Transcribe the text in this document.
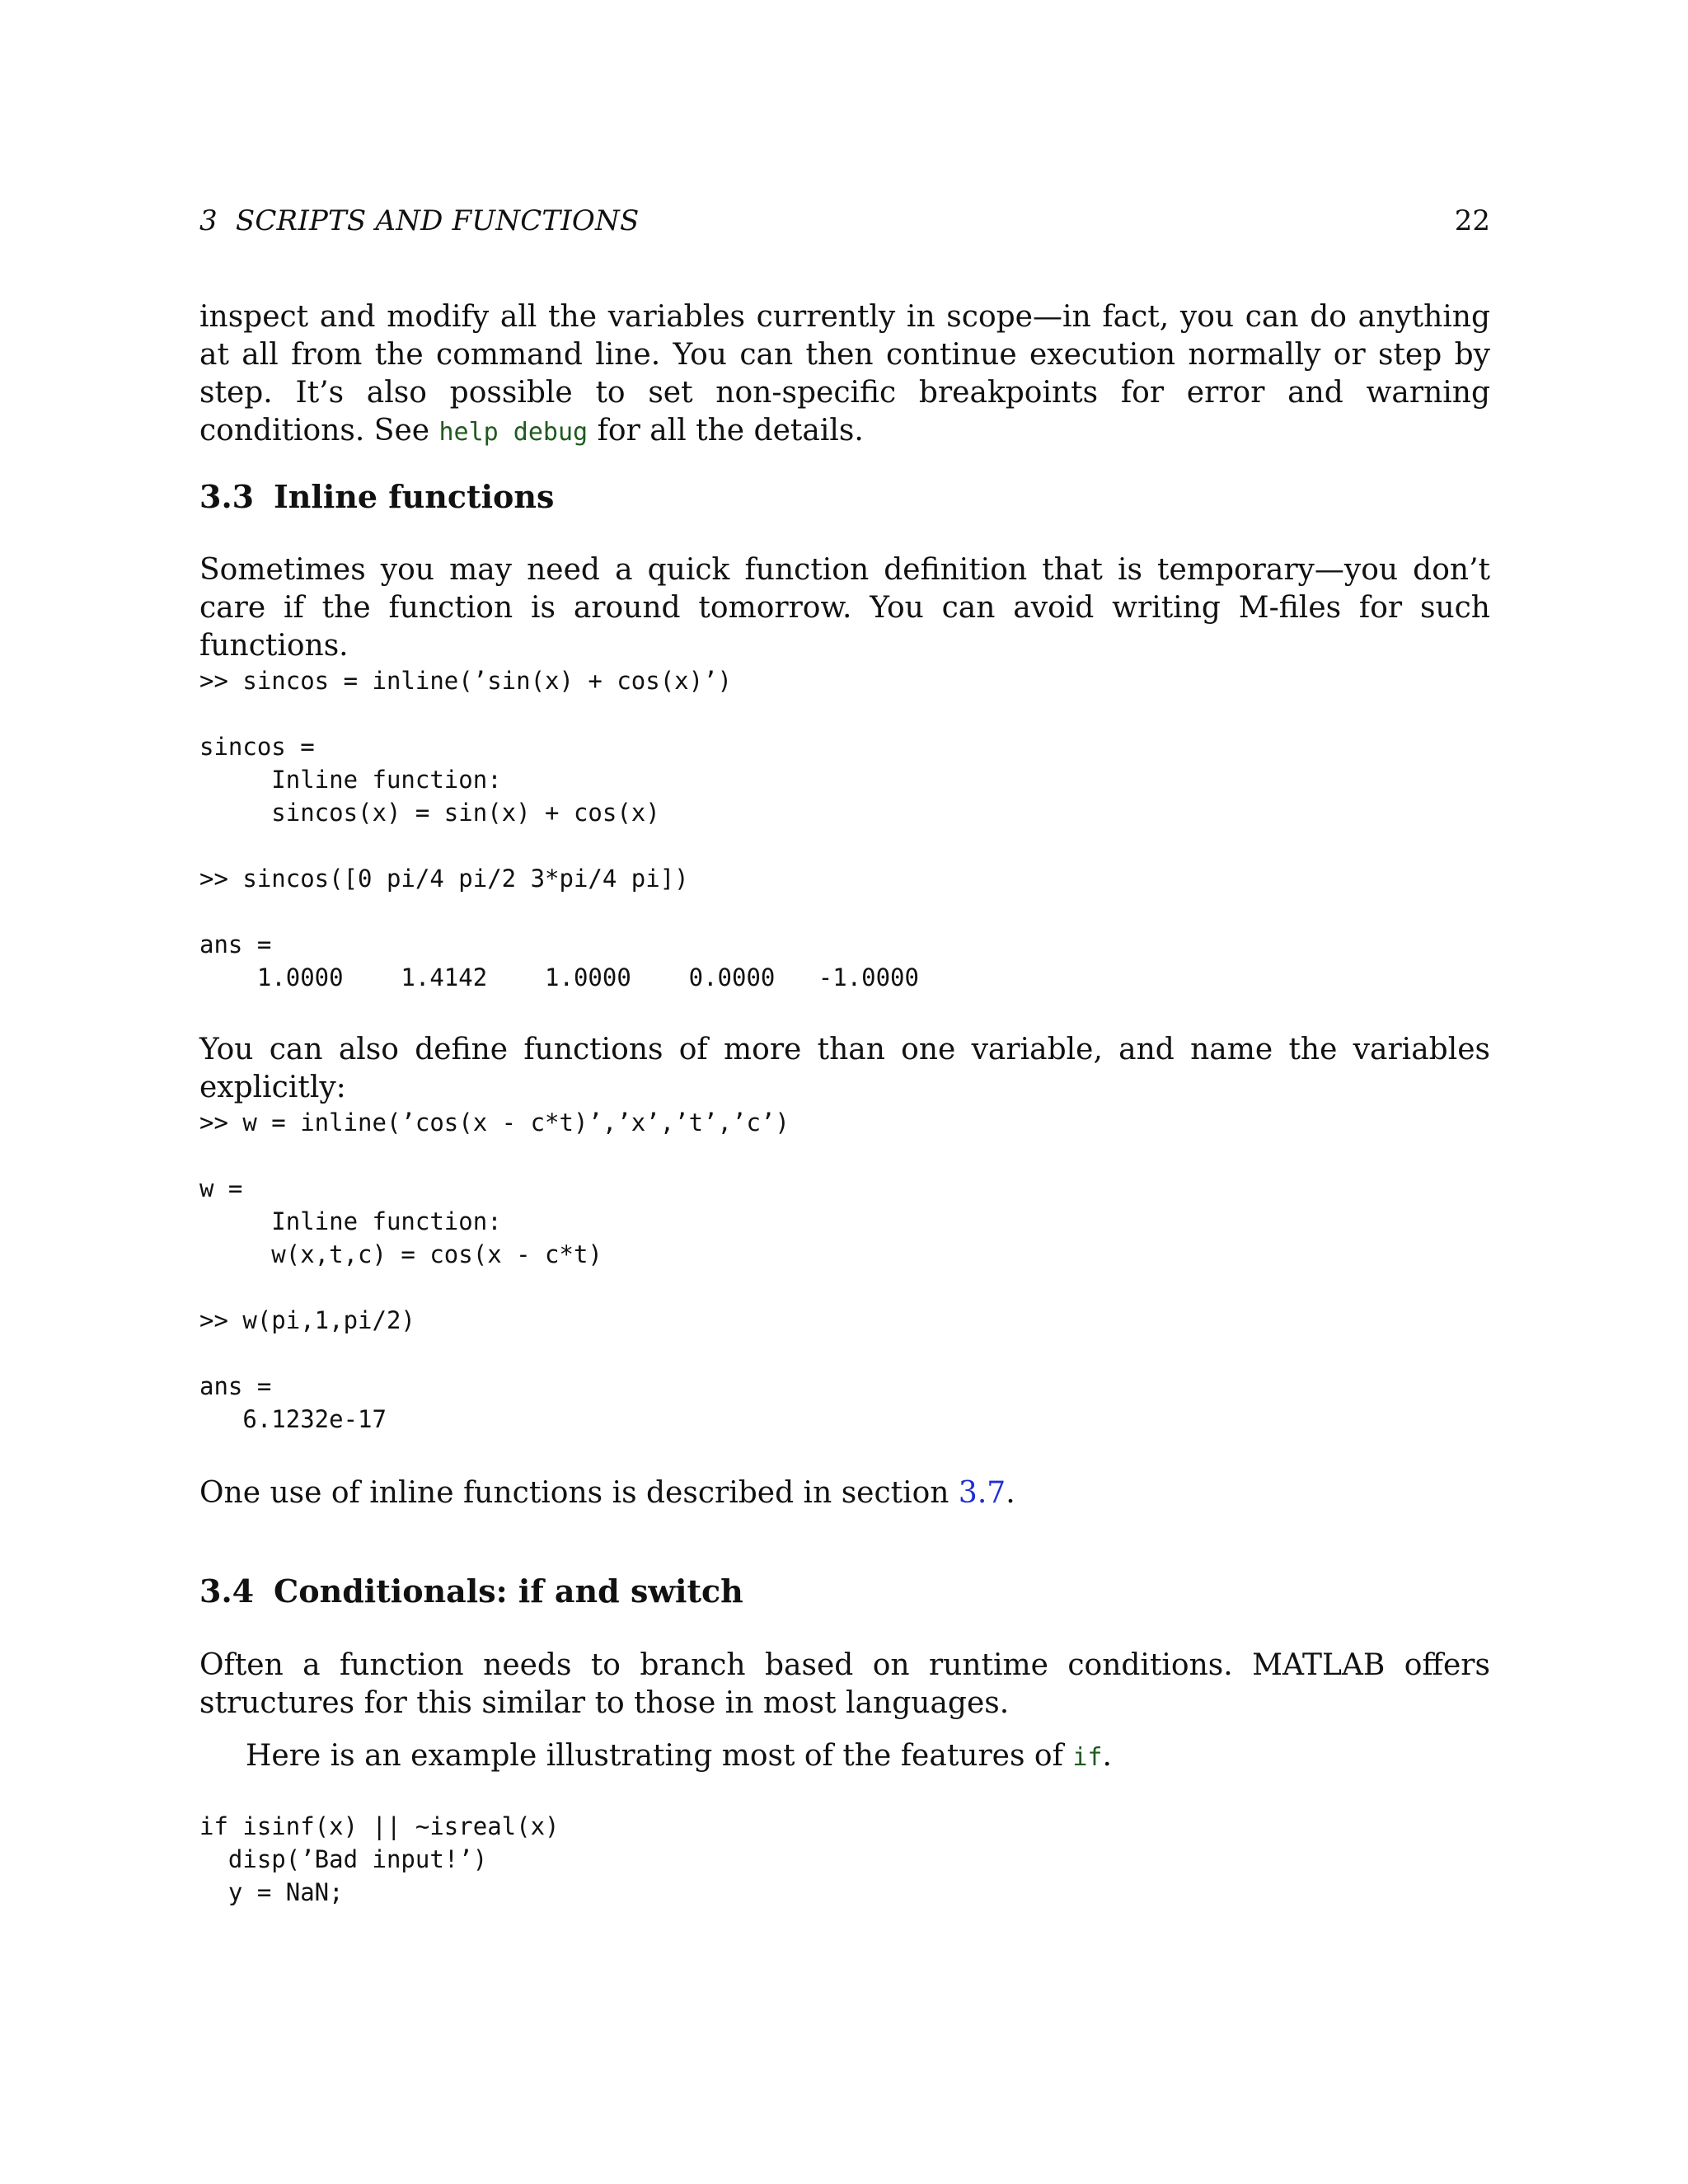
3 SCRIPTS AND FUNCTIONS	22

inspect and modify all the variables currently in scope—in fact, you can do anything at all from the command line. You can then continue execution normally or step by step. It’s also possible to set non-specific breakpoints for error and warning conditions. See help debug for all the details.

3.3 Inline functions

Sometimes you may need a quick function definition that is temporary—you don’t care if the function is around tomorrow. You can avoid writing M-files for such functions.

>> sincos = inline(’sin(x) + cos(x)’)

sincos =
Inline function:
sincos(x) = sin(x) + cos(x)

>> sincos([0 pi/4 pi/2 3*pi/4 pi])

ans =
1.0000    1.4142    1.0000    0.0000   -1.0000

You can also define functions of more than one variable, and name the variables explicitly:

>> w = inline(’cos(x - c*t)’,’x’,’t’,’c’)

w =
Inline function:
w(x,t,c) = cos(x - c*t)

>> w(pi,1,pi/2)

ans =
6.1232e-17

One use of inline functions is described in section 3.7.

3.4 Conditionals: if and switch

Often a function needs to branch based on runtime conditions. MATLAB offers structures for this similar to those in most languages.

Here is an example illustrating most of the features of if.

if isinf(x) || ~isreal(x)
disp(’Bad input!’)
y = NaN;
